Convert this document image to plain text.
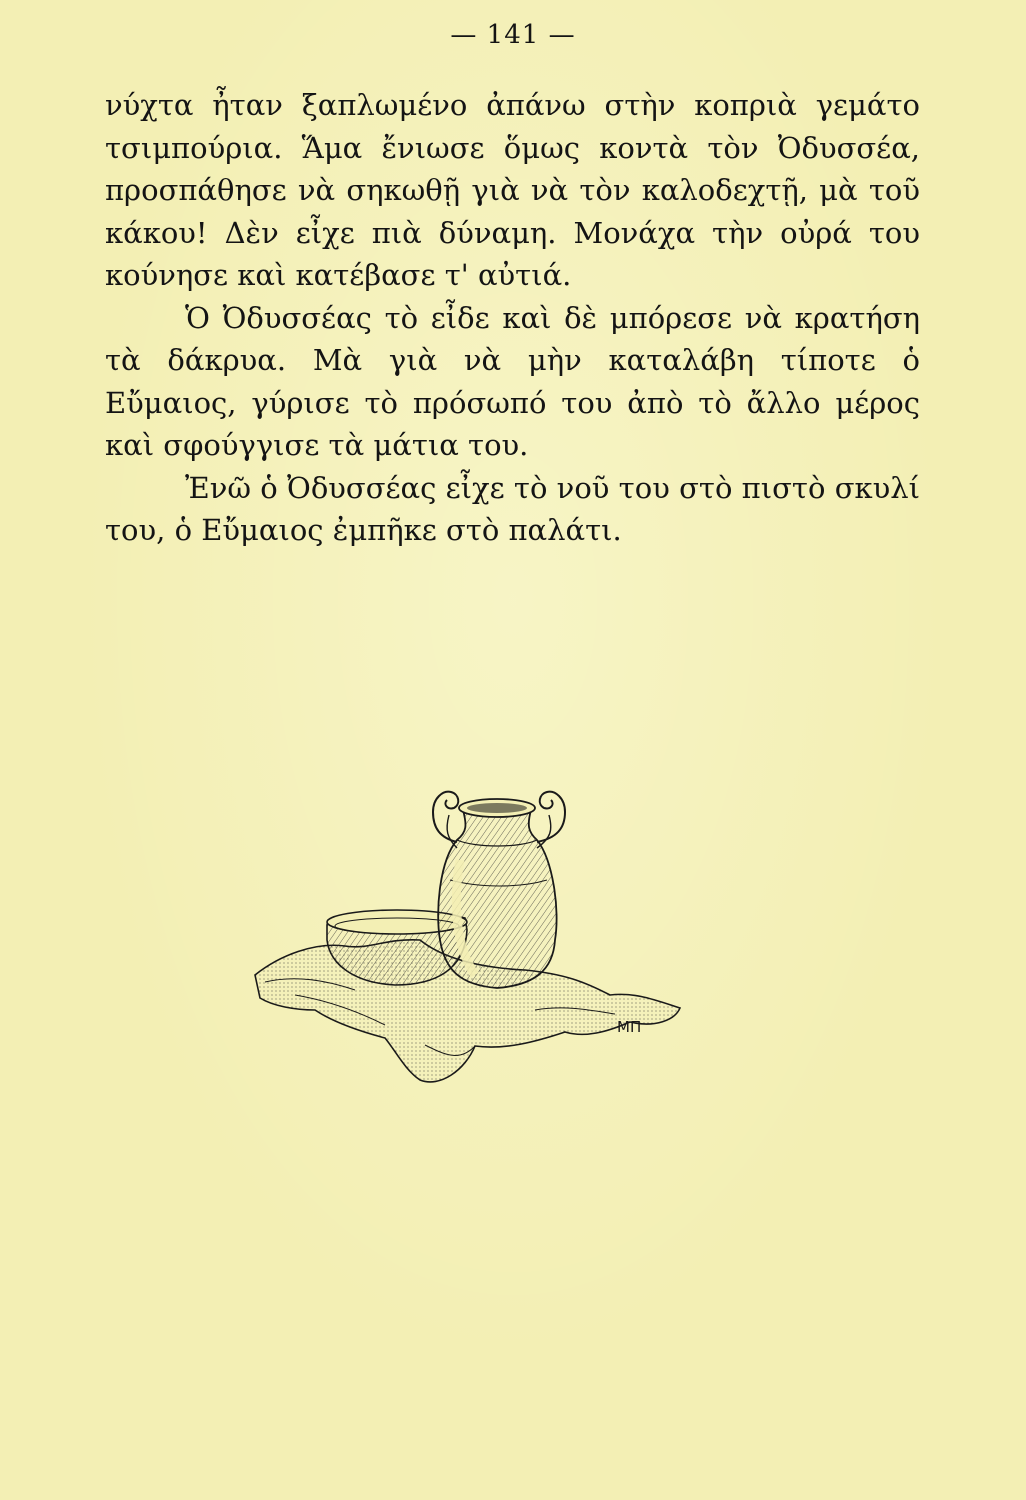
— 141 —

νύχτα ἦταν ξαπλωμένο ἀπάνω στὴν κοπριὰ γεμάτο τσιμπούρια. Ἅμα ἔνιωσε ὅμως κοντὰ τὸν Ὀδυσσέα, προσπάθησε νὰ σηκωθῇ γιὰ νὰ τὸν καλοδεχτῇ, μὰ τοῦ κάκου! Δὲν εἶχε πιὰ δύναμη. Μονάχα τὴν οὐρά του κούνησε καὶ κατέβασε τ' αὐτιά.

Ὁ Ὀδυσσέας τὸ εἶδε καὶ δὲ μπόρεσε νὰ κρατήση τὰ δάκρυα. Μὰ γιὰ νὰ μὴν καταλάβη τίποτε ὁ Εὔμαιος, γύρισε τὸ πρόσωπό του ἀπὸ τὸ ἄλλο μέρος καὶ σφούγγισε τὰ μάτια του.

Ἐνῶ ὁ Ὀδυσσέας εἶχε τὸ νοῦ του στὸ πιστὸ σκυλί του, ὁ Εὔμαιος ἐμπῆκε στὸ παλάτι.

ΜΠ
